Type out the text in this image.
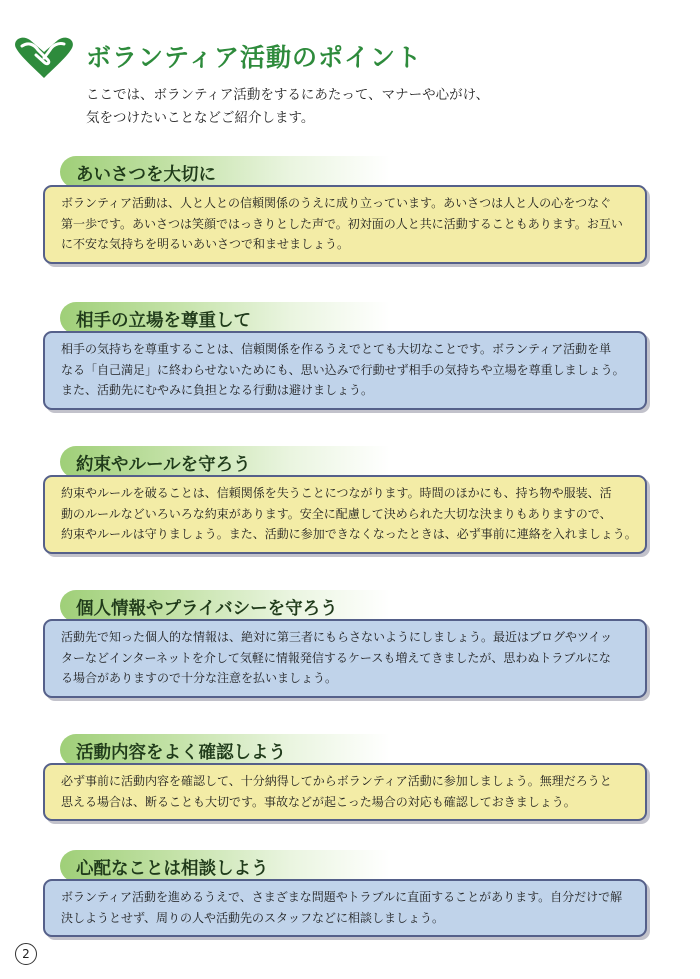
ボランティア活動のポイント
ここでは、ボランティア活動をするにあたって、マナーや心がけ、
気をつけたいことなどご紹介します。
あいさつを大切に
ボランティア活動は、人と人との信頼関係のうえに成り立っています。あいさつは人と人の心をつなぐ
第一歩です。あいさつは笑顔ではっきりとした声で。初対面の人と共に活動することもあります。お互い
に不安な気持ちを明るいあいさつで和ませましょう。
相手の立場を尊重して
相手の気持ちを尊重することは、信頼関係を作るうえでとても大切なことです。ボランティア活動を単
なる「自己満足」に終わらせないためにも、思い込みで行動せず相手の気持ちや立場を尊重しましょう。
また、活動先にむやみに負担となる行動は避けましょう。
約束やルールを守ろう
約束やルールを破ることは、信頼関係を失うことにつながります。時間のほかにも、持ち物や服装、活
動のルールなどいろいろな約束があります。安全に配慮して決められた大切な決まりもありますので、
約束やルールは守りましょう。また、活動に参加できなくなったときは、必ず事前に連絡を入れましょう。
個人情報やプライバシーを守ろう
活動先で知った個人的な情報は、絶対に第三者にもらさないようにしましょう。最近はブログやツイッ
ターなどインターネットを介して気軽に情報発信するケースも増えてきましたが、思わぬトラブルにな
る場合がありますので十分な注意を払いましょう。
活動内容をよく確認しよう
必ず事前に活動内容を確認して、十分納得してからボランティア活動に参加しましょう。無理だろうと
思える場合は、断ることも大切です。事故などが起こった場合の対応も確認しておきましょう。
心配なことは相談しよう
ボランティア活動を進めるうえで、さまざまな問題やトラブルに直面することがあります。自分だけで解
決しようとせず、周りの人や活動先のスタッフなどに相談しましょう。
2
